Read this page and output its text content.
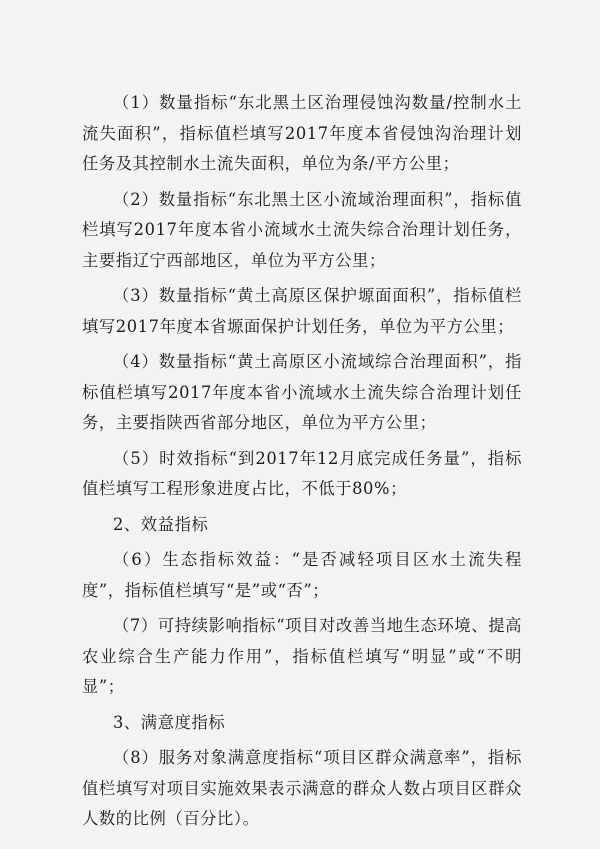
（1）数量指标“东北黑土区治理侵蚀沟数量/控制水土流失面积”，指标值栏填写2017年度本省侵蚀沟治理计划任务及其控制水土流失面积，单位为条/平方公里；

（2）数量指标“东北黑土区小流域治理面积”，指标值栏填写2017年度本省小流域水土流失综合治理计划任务，主要指辽宁西部地区，单位为平方公里；

（3）数量指标“黄土高原区保护塬面面积”，指标值栏填写2017年度本省塬面保护计划任务，单位为平方公里；

（4）数量指标“黄土高原区小流域综合治理面积”，指标值栏填写2017年度本省小流域水土流失综合治理计划任务，主要指陕西省部分地区，单位为平方公里；

（5）时效指标“到2017年12月底完成任务量”，指标值栏填写工程形象进度占比，不低于80%；

2、效益指标

（6）生态指标效益：“是否减轻项目区水土流失程度”，指标值栏填写“是”或“否”；

（7）可持续影响指标“项目对改善当地生态环境、提高农业综合生产能力作用”，指标值栏填写“明显”或“不明显”；

3、满意度指标

（8）服务对象满意度指标“项目区群众满意率”，指标值栏填写对项目实施效果表示满意的群众人数占项目区群众人数的比例（百分比）。
